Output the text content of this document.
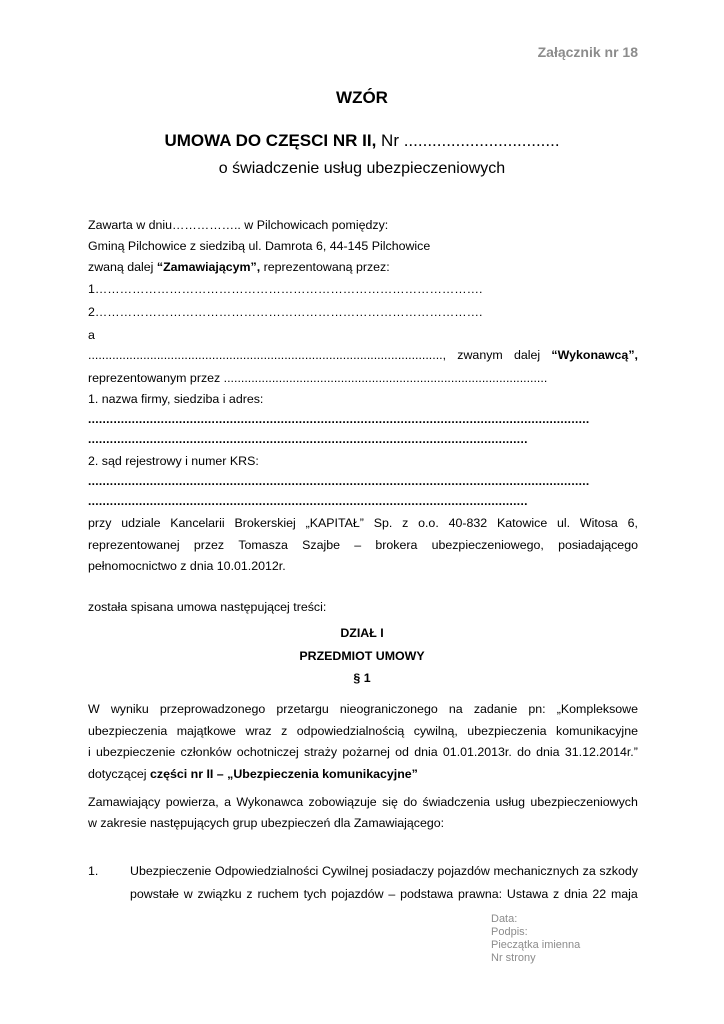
Załącznik nr 18
WZÓR
UMOWA DO CZĘSCI NR II, Nr .................................
o świadczenie usług ubezpieczeniowych
Zawarta w dniu…………….. w Pilchowicach pomiędzy:
Gminą Pilchowice z siedzibą ul. Damrota 6, 44-145 Pilchowice
zwaną dalej “Zamawiającym”, reprezentowaną przez:
1………………………………………………………………………………….
2………………………………………………………………………………….
a
......................................................................................................., zwanym dalej “Wykonawcą”,
reprezentowanym przez ..............................................................................................
1. nazwa firmy, siedziba i adres:
..........................................................................................................................................
.........................................................................................................................
2. sąd rejestrowy i numer KRS:
..........................................................................................................................................
.........................................................................................................................
przy udziale Kancelarii Brokerskiej „KAPITAŁ” Sp. z o.o. 40-832 Katowice ul. Witosa 6,
reprezentowanej przez Tomasza Szajbe – brokera ubezpieczeniowego, posiadającego
pełnomocnictwo z dnia 10.01.2012r.
została spisana umowa następującej treści:
DZIAŁ I
PRZEDMIOT UMOWY
§ 1
W wyniku przeprowadzonego przetargu nieograniczonego na zadanie pn: „Kompleksowe
ubezpieczenia majątkowe wraz z odpowiedzialnością cywilną, ubezpieczenia komunikacyjne
i ubezpieczenie członków ochotniczej straży pożarnej od dnia 01.01.2013r. do dnia 31.12.2014r.”
dotyczącej części nr II – „Ubezpieczenia komunikacyjne”
Zamawiający powierza, a Wykonawca zobowiązuje się do świadczenia usług ubezpieczeniowych
w zakresie następujących grup ubezpieczeń dla Zamawiającego:
1.	Ubezpieczenie Odpowiedzialności Cywilnej posiadaczy pojazdów mechanicznych za szkody
powstałe w związku z ruchem tych pojazdów – podstawa prawna: Ustawa z dnia 22 maja
Data:
Podpis:
Pieczątka imienna
Nr strony
